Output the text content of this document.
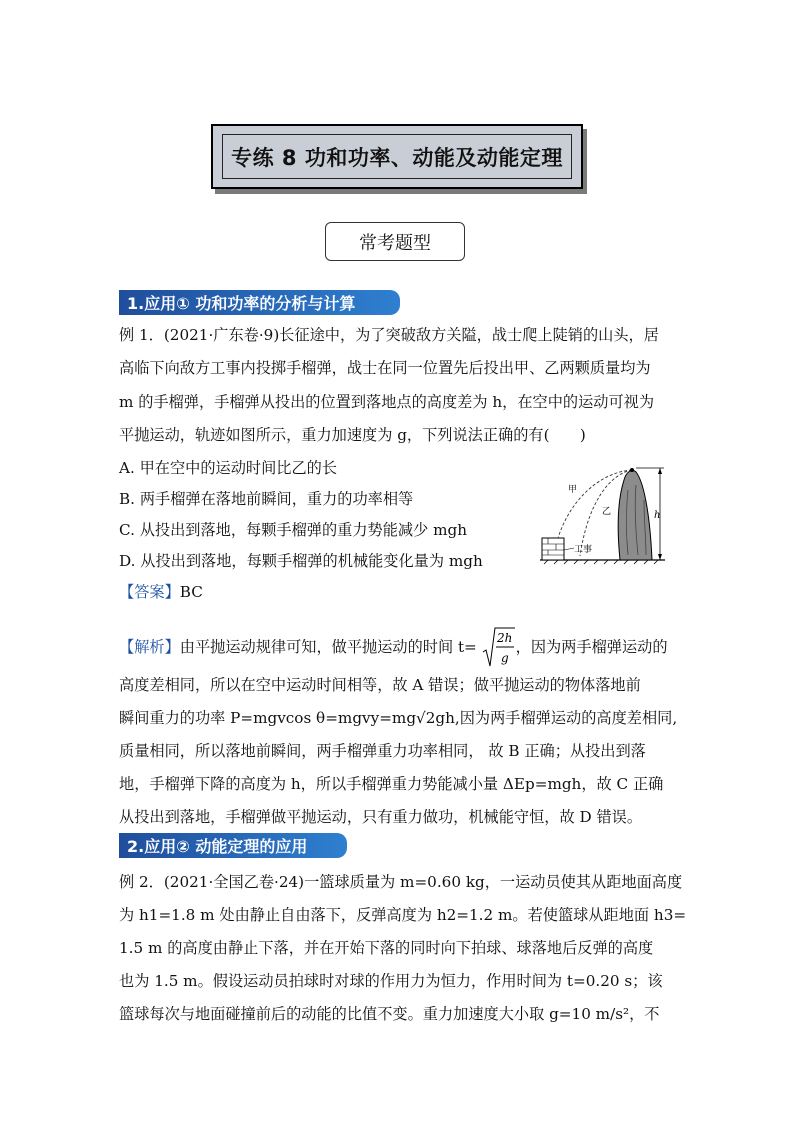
专练 8 功和功率、动能及动能定理
常考题型
1.应用① 功和功率的分析与计算
例 1．(2021·广东卷·9)长征途中，为了突破敌方关隘，战士爬上陡销的山头，居
高临下向敌方工事内投掷手榴弹，战士在同一位置先后投出甲、乙两颗质量均为
m 的手榴弹，手榴弹从投出的位置到落地点的高度差为 h，在空中的运动可视为
平抛运动，轨迹如图所示，重力加速度为 g，下列说法正确的有(　　)
A. 甲在空中的运动时间比乙的长
B. 两手榴弹在落地前瞬间，重力的功率相等
C. 从投出到落地，每颗手榴弹的重力势能减少 mgh
D. 从投出到落地，每颗手榴弹的机械能变化量为 mgh
h
甲
乙
工事
【答案】BC
【解析】由平抛运动规律可知，做平抛运动的时间 t= 2h
g
，因为两手榴弹运动的
高度差相同，所以在空中运动时间相等，故 A 错误；做平抛运动的物体落地前
瞬间重力的功率 P=mgvcos θ=mgvy=mg√2gh,因为两手榴弹运动的高度差相同,
质量相同，所以落地前瞬间，两手榴弹重力功率相同， 故 B 正确；从投出到落
地，手榴弹下降的高度为 h，所以手榴弹重力势能减小量 ΔEp=mgh，故 C 正确
从投出到落地，手榴弹做平抛运动，只有重力做功，机械能守恒，故 D 错误。
2.应用② 动能定理的应用
例 2．(2021·全国乙卷·24)一篮球质量为 m=0.60 kg，一运动员使其从距地面高度
为 h1=1.8 m 处由静止自由落下，反弹高度为 h2=1.2 m。若使篮球从距地面 h3=
1.5 m 的高度由静止下落，并在开始下落的同时向下拍球、球落地后反弹的高度
也为 1.5 m。假设运动员拍球时对球的作用力为恒力，作用时间为 t=0.20 s；该
篮球每次与地面碰撞前后的动能的比值不变。重力加速度大小取 g=10 m/s²，不
